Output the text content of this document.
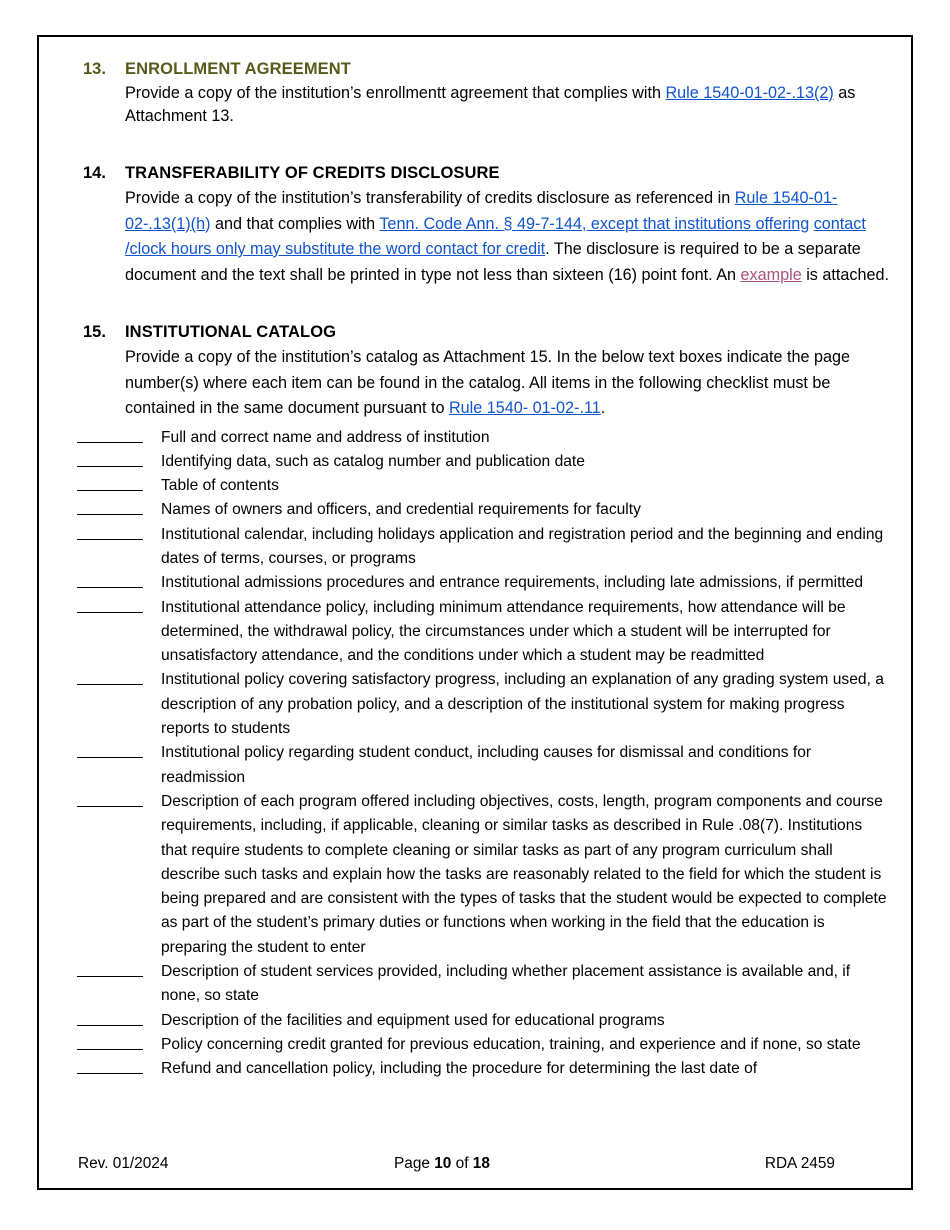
13. ENROLLMENT AGREEMENT
Provide a copy of the institution’s enrollmentt agreement that complies with Rule 1540-01-02-.13(2) as Attachment 13.
14. TRANSFERABILITY OF CREDITS DISCLOSURE
Provide a copy of the institution’s transferability of credits disclosure as referenced in Rule 1540-01-02-.13(1)(h) and that complies with Tenn. Code Ann. § 49-7-144, except that institutions offering contact /clock hours only may substitute the word contact for credit. The disclosure is required to be a separate document and the text shall be printed in type not less than sixteen (16) point font. An example is attached.
15. INSTITUTIONAL CATALOG
Provide a copy of the institution’s catalog as Attachment 15. In the below text boxes indicate the page number(s) where each item can be found in the catalog. All items in the following checklist must be contained in the same document pursuant to Rule 1540- 01-02-.11.
Full and correct name and address of institution
Identifying data, such as catalog number and publication date
Table of contents
Names of owners and officers, and credential requirements for faculty
Institutional calendar, including holidays application and registration period and the beginning and ending dates of terms, courses, or programs
Institutional admissions procedures and entrance requirements, including late admissions, if permitted
Institutional attendance policy, including minimum attendance requirements, how attendance will be determined, the withdrawal policy, the circumstances under which a student will be interrupted for unsatisfactory attendance, and the conditions under which a student may be readmitted
Institutional policy covering satisfactory progress, including an explanation of any grading system used, a description of any probation policy, and a description of the institutional system for making progress reports to students
Institutional policy regarding student conduct, including causes for dismissal and conditions for readmission
Description of each program offered including objectives, costs, length, program components and course requirements, including, if applicable, cleaning or similar tasks as described in Rule .08(7). Institutions that require students to complete cleaning or similar tasks as part of any program curriculum shall describe such tasks and explain how the tasks are reasonably related to the field for which the student is being prepared and are consistent with the types of tasks that the student would be expected to complete as part of the student’s primary duties or functions when working in the field that the education is preparing the student to enter
Description of student services provided, including whether placement assistance is available and, if none, so state
Description of the facilities and equipment used for educational programs
Policy concerning credit granted for previous education, training, and experience and if none, so state
Refund and cancellation policy, including the procedure for determining the last date of
Rev. 01/2024	Page 10 of 18	RDA 2459
